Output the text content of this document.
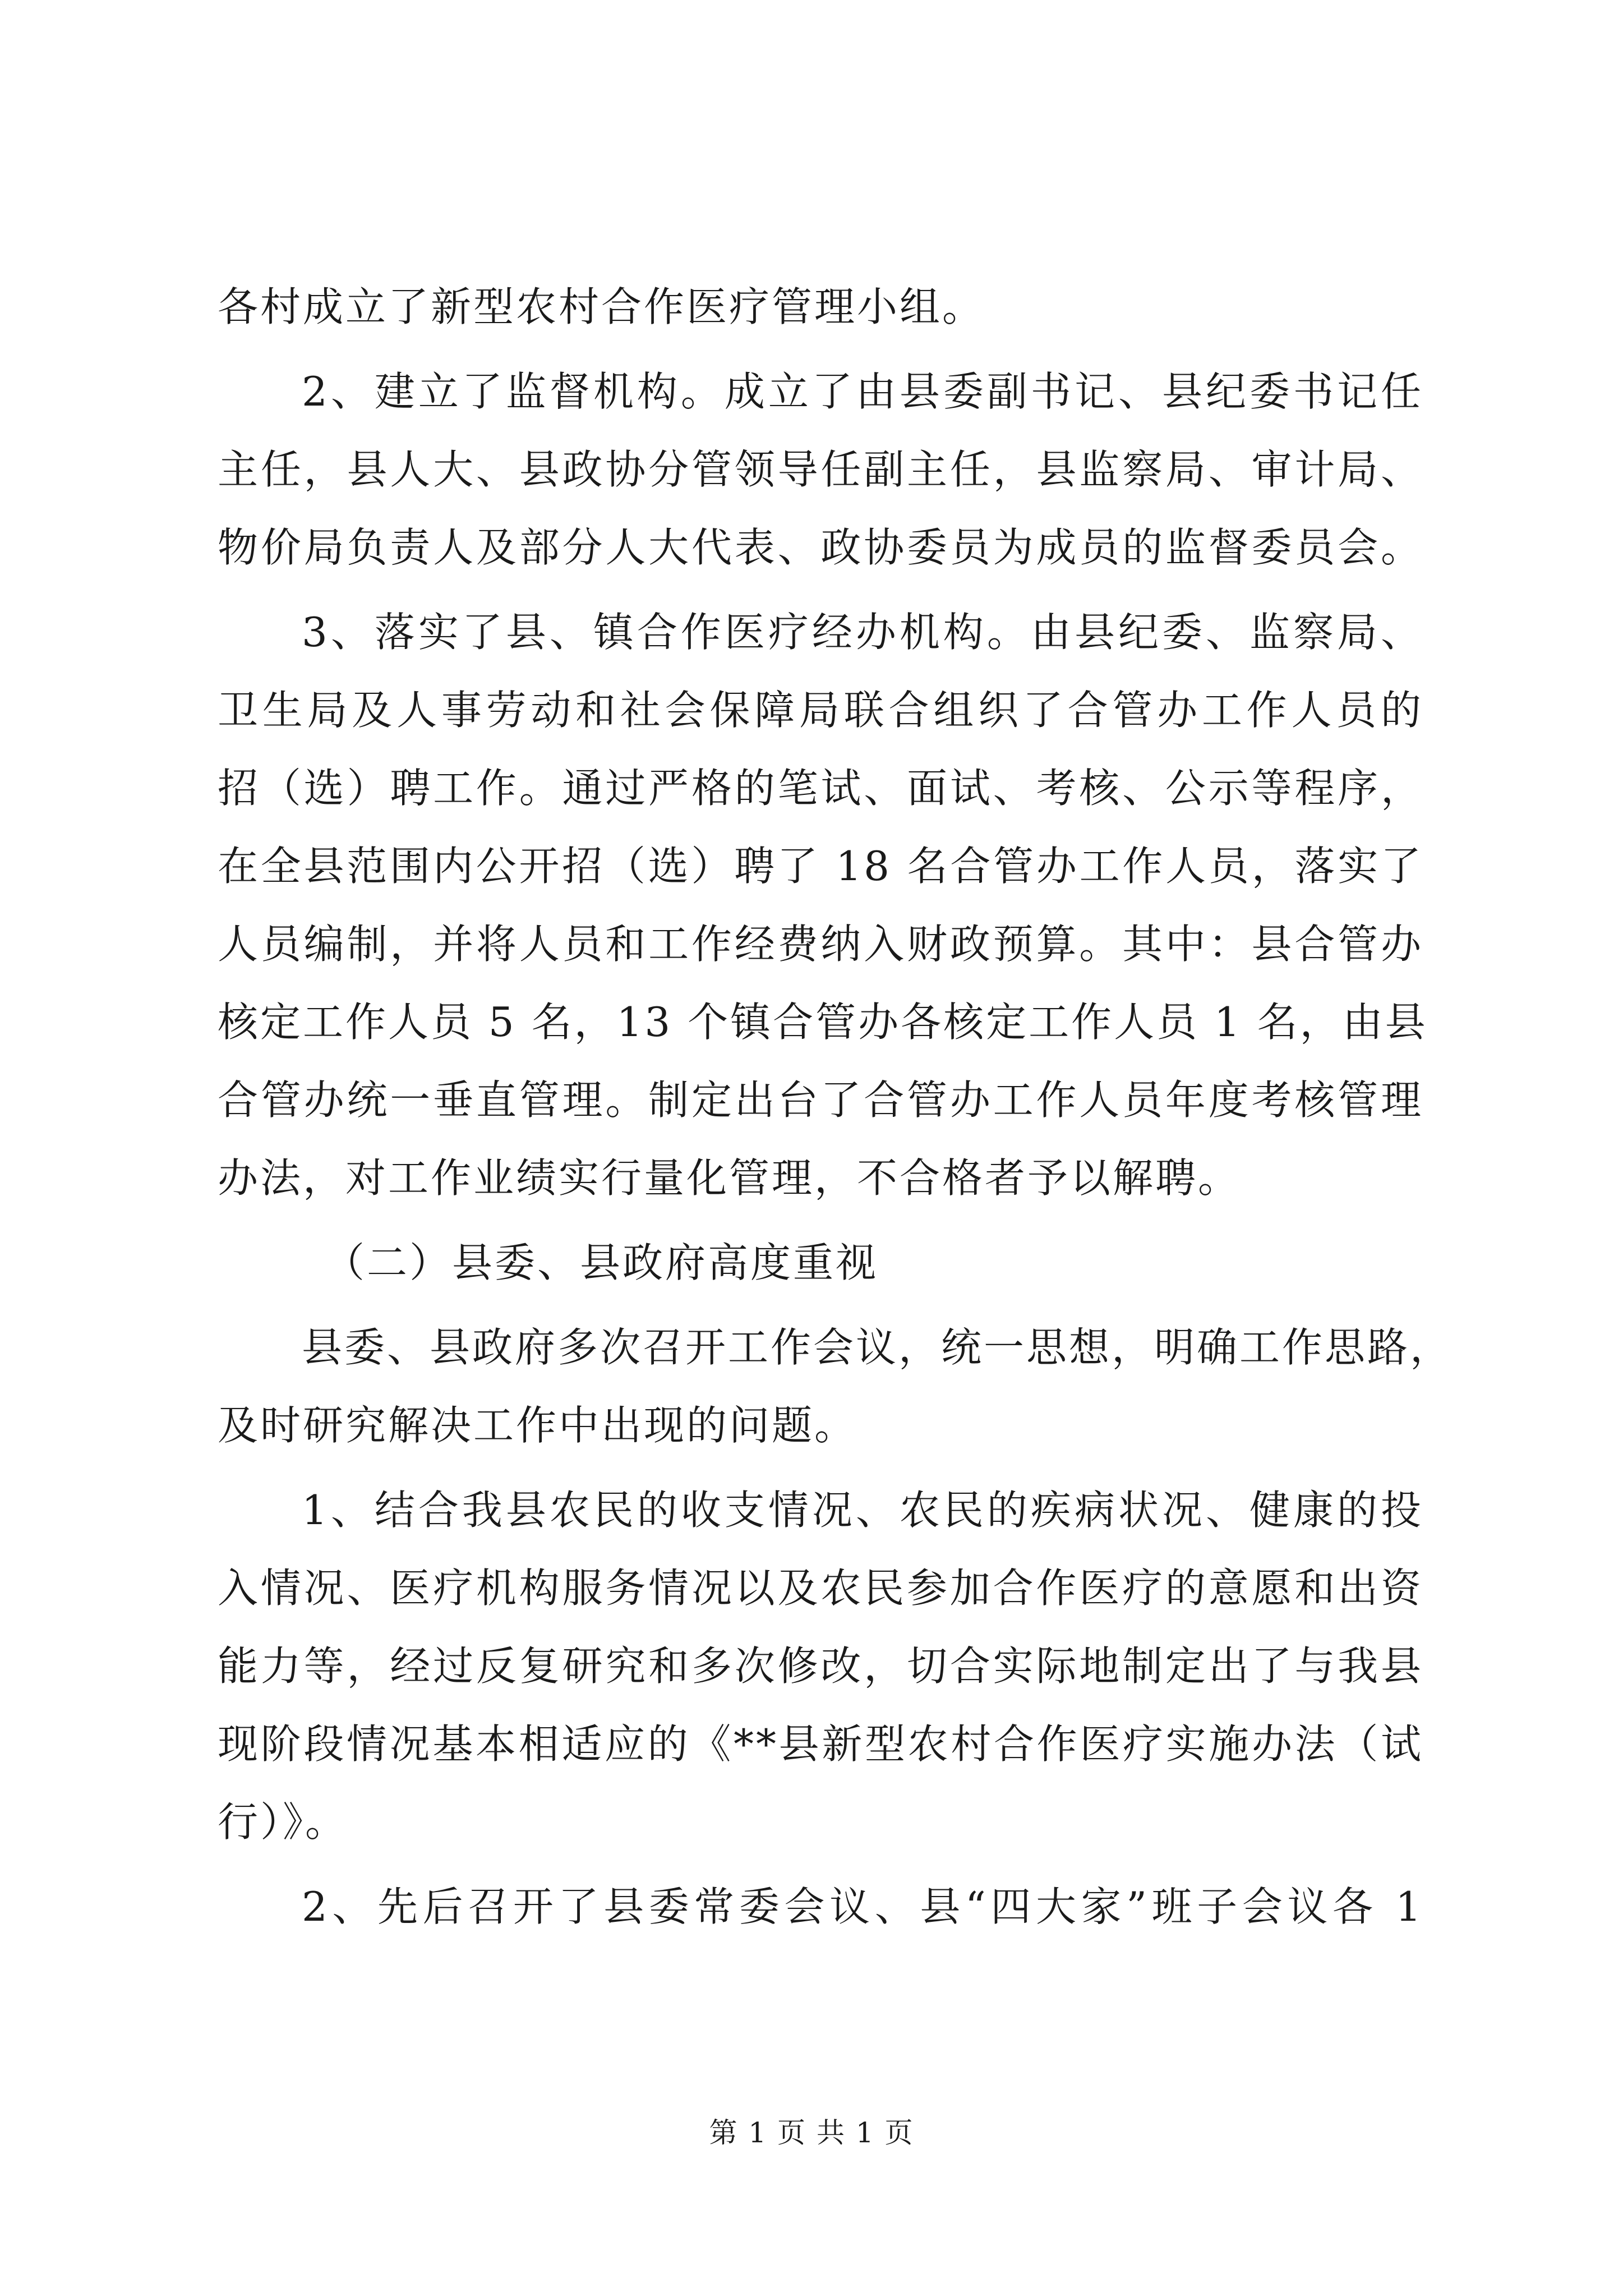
各村成立了新型农村合作医疗管理小组。
2、建立了监督机构。成立了由县委副书记、县纪委书记任
主任，县人大、县政协分管领导任副主任，县监察局、审计局、
物价局负责人及部分人大代表、政协委员为成员的监督委员会。
3、落实了县、镇合作医疗经办机构。由县纪委、监察局、
卫生局及人事劳动和社会保障局联合组织了合管办工作人员的
招（选）聘工作。通过严格的笔试、面试、考核、公示等程序，
在全县范围内公开招（选）聘了 18 名合管办工作人员，落实了
人员编制，并将人员和工作经费纳入财政预算。其中：县合管办
核定工作人员 5 名，13 个镇合管办各核定工作人员 1 名，由县
合管办统一垂直管理。制定出台了合管办工作人员年度考核管理
办法，对工作业绩实行量化管理，不合格者予以解聘。
（二）县委、县政府高度重视
县委、县政府多次召开工作会议，统一思想，明确工作思路，
及时研究解决工作中出现的问题。
1、结合我县农民的收支情况、农民的疾病状况、健康的投
入情况、医疗机构服务情况以及农民参加合作医疗的意愿和出资
能力等，经过反复研究和多次修改，切合实际地制定出了与我县
现阶段情况基本相适应的《**县新型农村合作医疗实施办法（试
行）》。
2、先后召开了县委常委会议、县“四大家”班子会议各 1
第 1 页 共 1 页
